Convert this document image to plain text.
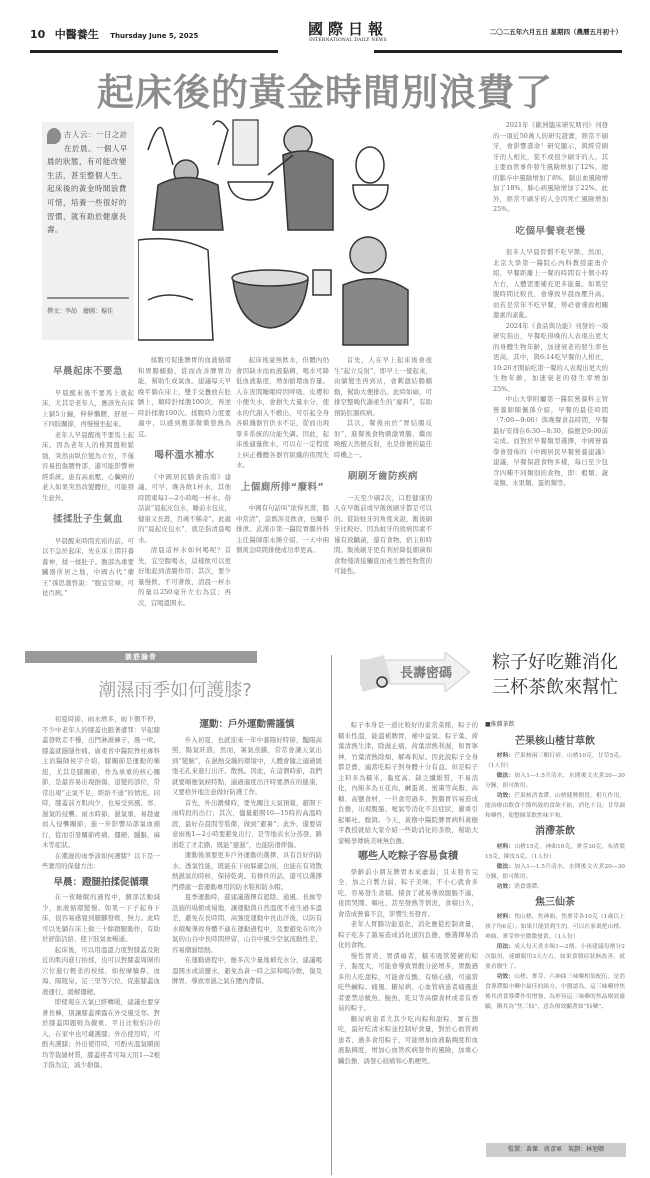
10 中醫養生 Thursday June 5, 2025	國際日報
INTERNATIONAL DAILY NEWS
二〇二五年六月五日 星期四（農曆五月初十）
起床後的黃金時間別浪費了
古人云：一日之計在於晨。一個人早晨的狀態，有可能改變生活，甚至整個人生。起床後的黃金時間浪費可惜，培養一些很好的習慣，就有助於健康長壽。
撰文：李劼　繪圖：楊佳
早晨起床不要急

早晨醒來後不要馬上就起床，尤其是老年人，應該先在床上躺5分鐘，伸伸懶腰，舒展一下四肢關節，再慢慢坐起來。

老年人早晨醒後不要馬上起床。因為老年人的椎間盤較鬆弛，突然由臥位變為立位，不僅容易扭傷腰脊部，還可能影響神經系統。患有高血壓、心臟病的老人如果突然改變體位，可能發生意外。

揉揉肚子生氣血

早晨醒來時間充裕的話，可以不急於起床，先在床上閉目養養神，揉一揉肚子。腹部為重要臟器所居之地，中國古代“藥王”孫思邈曾說：“腹宜常摩，可祛百病。”

揉腹可促進脾胃的血液循環和胃腸蠕動，從而改善脾胃功能，幫助生成氣血。建議每天早晚平躺在床上，雙手交疊放在肚臍上，順時針揉腹100次，再逆時針揉腹100次。揉腹時力度要適中，以感到腹部微微發熱為宜。

喝杯溫水補水

《中國居民膳食指南》建議，可早、晚各飲1杯水，其他時間東每1—2小時喝一杯水。俗話說“晨起皮包水，睡前水包皮，健康又長壽，百歲不稀奇”。此處的“晨起皮包水”，就是指清晨喝水。

清晨這杯水如何喝呢？首先，宜空腹喝水，這樣飲可以更好地起到清腸作用；其次，要少量慢飲，不可著飲，清晨一杯水的量以250毫升左右為宜；再次，宜喝溫開水。

起床後童無飲水，但體內仍會因缺水而血液黏稠，喝水可降低血液黏度，增加循環血容量。人在夜間睡眠時因呼吸、皮膚和小便失水，會損失大量水分，使水的代謝入不敷出，可引起全身各組織器官供水不足，從而出現眾多系統的功能失調。因此，起床後適量飲水，可以在一定程度上糾正機體各器官組織的夜間失水。

上個廁所排“廢料”

中國有句話叫“欲得長壽，腸中常清”，這既涉及飲食，也關乎排泄。武漢市第一醫院胃腸外科主任醫師邵永勝介紹，一天中兩個黃金時間排便成功率更高。

首先，人在早上起床後會產生“起立反射”，即早上一覺起來，由躺變坐再到站，會刺激結腸蠕動，幫助大便排出。此時如廁，可排空整晚代謝產生的“廢料”，有助預防肛腸疾病。

其次，餐後由於“胃結腸反射”，進餐後食物刺激胃腸，繼而喚醒天然便反射，也是排便的最佳時機之一。

刷刷牙齒防疾病

一天至少刷2次，口腔健康的人在早飯前或早飯後刷牙都是可以的。從防蛀牙的角度來說，飯後刷牙比較好。因為蛀牙的致病因素不僅有致齲菌，還有食物、宿主和時間。飯後刷牙更有利於降低細菌和食物殘渣接觸從而產生酸性物質的可能性。

2021年《歐洲臨床研究期刊》刊發的一項近50萬人的研究證實，經常不刷牙，會影響壽命！研究顯示，與經常刷牙的人相比，從不或很少刷牙的人，其主要血管事件發生風險增加了12%，總的腦卒中風險增加了8%，腦出血風險增加了18%，肺心病風險增加了22%。此外，經常不刷牙的人全因死亡風險增加25%。

吃個早餐衰老慢

很多人早晨習慣不吃早點，然而，北京大學第一醫院心內科教授霍勇介紹，早餐距離上一餐的時間有十個小時左右，人體需要補充更多能量。如果空腹時間比較長，會導致早晨血壓升高。而若是常年不吃早餐，勢必會導致相關激素的紊亂。

2024年《食品與功能》刊發的一項研究指出，早餐吃得晚的人表現出更大的身體生物年齡，加速衰老的發生率也更高。其中，與6:14吃早餐的人相比，10:26才開始吃第一餐的人表現出更大的生物年齡，加速衰老的發生率增加25%。

中山大學附屬第一醫院營養科主管營養師陳佩孫介紹，早餐的最佳時間（7:00—9:00）與晚餐食品時間，早餐最好安排在6:30—8:30，偏便是9:00前完成。而對於早餐類型選擇，中國營養學會發佈的《中國居民早餐營養建議》建議，早餐保證食物多樣，每日至少包含四種不同類別的食物，即：穀類、蔬菜類、水果類、蛋奶類等。

談筋論骨
潮濕雨季如何護膝?

初夏時節，雨水增多，雨下個不停，不少中老年人的膝蓋也跟著遭罪：早起膝蓋發軟走不穩，出門淋濕褲子，風一吹，膝蓋就隱隱作痛。廣東省中醫院脊柱專科主治醫師侯宇介紹，膝關節是運動的樞紐，尤其是膝關節，作為承重的核心關節，是最容易出現損傷、退變的部位，常常出現“正氣不足，經絡不通”的情況。同時，膝蓋前方肌肉少，也易受到風、寒、濕氣的侵襲。雨水時節，濕氣重，易趁虛而入侵襲關節，進一步影響局部氣血循行，從而引發關節疼痛、僵硬、腫脹、麻木等症狀。

在潮濕的雨季該如何護膝？以下是一些實用的保健方法：

早晨：蹬腿拍揉促循環

在一夜睡眠的過程中，腿部活動減少，血液循環變慢。如果一下子起身下床，很容易感覺到腿腳發軟、無力。此時可以先躺在床上做三十餘蹬腿動作，有助於舒筋活絡、使下肢氣血暢通。

起床後，可以用溫溫力度對膝蓋及附近的肌肉進行拍揉，也可以對膝蓋周圍的穴位進行輕柔的按揉，如按摩犢鼻、血海、陽陵泉、足三里等穴位，促進膝蓋血液運行，緩解僵硬。

即使現在天氣已經轉暖，建議也要穿著長褲，別讓膝蓋裸露在外受風受寒。對於膝蓋問題較為嚴重、平日比較怕冷的人，在家中也可戴護膝；外出使用時，可酌夾護膝；外出使用時，可酌夾溫氣順面均等裁縫材質，膝蓋疼者可每天用1—2根手指為宜，減少損傷。

運動：戶外運動需謹慎

步入初夏，也就迎來一年中養陽好時節，豔陽高照，陽氣旺盛，然而，暑氣蒸騰，常常會讓天氣出到“變臉”，在濕熱交織的環境中，人體會隨之適過緩張毛孔來進行出汗、散熱。因此，在這個時節，我們就要順應氣候特點，適過適度出汗時要潛在的健康，又要格外地注意做好防護工作。

首先，外出鍛煉時，要先關注天氣預報，避開下雨時段的出行；其次，儘量避開10—15時的高溫時段，最好在晨間等裝備，做到“避暑”；此外，還要留意雨後1—2小時要避免出行，是等地表水分蒸發、路面乾了才走路，既能“避濕”，也能防滑摔傷。

運動後須要更多戶外運動的選擇，具有良好的防水、透氣性能，既能在下雨躲避急雨，也能在有效散熱濕氣的時候，保持乾爽。有條件的話，還可以選擇門襟處一套運動專用的防水鞋和防水帽。

夏季運動時，還建議選擇有遮陰、通風、長廊等設施的場館或場地，讓運動與自然溫度不產生過多溫差，避免在長時間、高強度運動中長出汗後，以防有水積聚導致身體不適在運動過程中，及要避免在吹冷氣的山谷中長時間停留，山谷中風少空氣流動性差，容易潮濕悶熱。

在運動過程中，應多次少量地補充水分，建議喝溫開水或淡鹽水，避免為貪一時之涼和喝冷飲，傷及脾胃，導致寒濕之氣在體內滯留。

長壽密碼
粽子好吃難消化
三杯茶飲來幫忙

粽子本身是一道比較好的家常菜餚，粽子的糯米性溫，能溫補脾胃，補中益氣。粽子葉、蓆葉清熱生津，除濕止痛，荷葉清熱利濕，和胃寧神，竹葉清熱除煩，解毒利尿。因此說粽子全身都是寶，適當吃粽子對身體十分有益。但是粽子主料多為糯米，黏度高、缺乏纖維質，不易消化，內餡多為五花肉、鹹蛋黃、蜜棗等高脂、高糖、高鹽食材，一旦食用過多，對腸胃容易造成負擔，出現腹脹、噯氣等消化不良症狀，嚴重引起嘔吐、腹瀉。今天，黃樹中醫院脾胃病科黃樹平教授就給大家介紹一些助消化的茶飲，幫助大家暢享傳統美味無負擔。

哪些人吃粽子容易食積

學齡前小朋友脾胃本來虛弱，且未發育完全，加之自製力弱，粽子美味，不小心就會多吃，容易發生食積。積食了就易導致腹脹不適，夜間哭鬧、嘔吐、甚至發熱等情況，食積日久，會造成營養不良，影響生長發育。

老年人胃腸功能退化，消化應從控制食量，粽子吃多了越易造成消化道的負擔，應選擇易消化的食物。

慢性胃炎、胃潰瘍者，糯米吸管變硬的粽子，黏度大，可能會導致胃酸分泌增多，胃酸過多的人吃甜粽，可能會反酸、有燒心感，可適當吃些鹹粽。痛風、糖尿病、心血管病患者痛風患者要禁忌魷魚、鮑魚、乾貝等高價食材或者有香菇的粽子。

糖尿病患者尤其少吃肉粽和甜粽，實在想吃，最好吃清水粽並控制好食量，對於心血管病患者，過多食用粽子，可能增加血液黏稠度和血液黏稠度，增加心血管疾病發作的風險，加重心臟負擔，誘發心絞痛和心肌梗死。

■推薦茶飲
芒果核山楂甘草飲

材料：芒果核兩三顆打碎，山楂10克，甘草5克。（1人份）

做法：加入1—1.5升清水，水開後文火煮20—30分鐘，即可飲用。

功效：芒果核消食滯，山楂健脾開胃，相互作用，能治療由飲食不節所致的食欲不振，消化不良；甘草調和藥性，使整個茶飲性味平和。

消滯茶飲

材料：山楂15克，神曲10克，麥芽30克，布渣葉15克，陳皮5克。（1人份）

做法：加入1—1.5升清水，水開後文火煮20—30分鐘，即可飲用。

功效：消食導滯。

焦三仙茶

材料：焦山楂、焦神曲、焦麥芽各10克（1歲以上孩子均6克）。如果只能買到生的，可以在家裏把山楂、神曲、麥芽炒至微微發黃。（1人份）

用法：成人每天煮水喝1—2劑。小孩建議每劑分2次服用，連續服用3天左右，如果食積症狀無改善，就要看醫生了。

功效：山楂、麥芽、六神曲三味藥相須配伍，是消食導滯類中藥中最佳的組方。中醫認為，這三味藥炒焦後其消食導滯作用增強，為形容這三味藥的焦品療效靈驗，稱其為“焦三仙”，意為療效顯著如“仙藥”。

監製：黃傑　蔣彥軍　策劃：林旭卿
